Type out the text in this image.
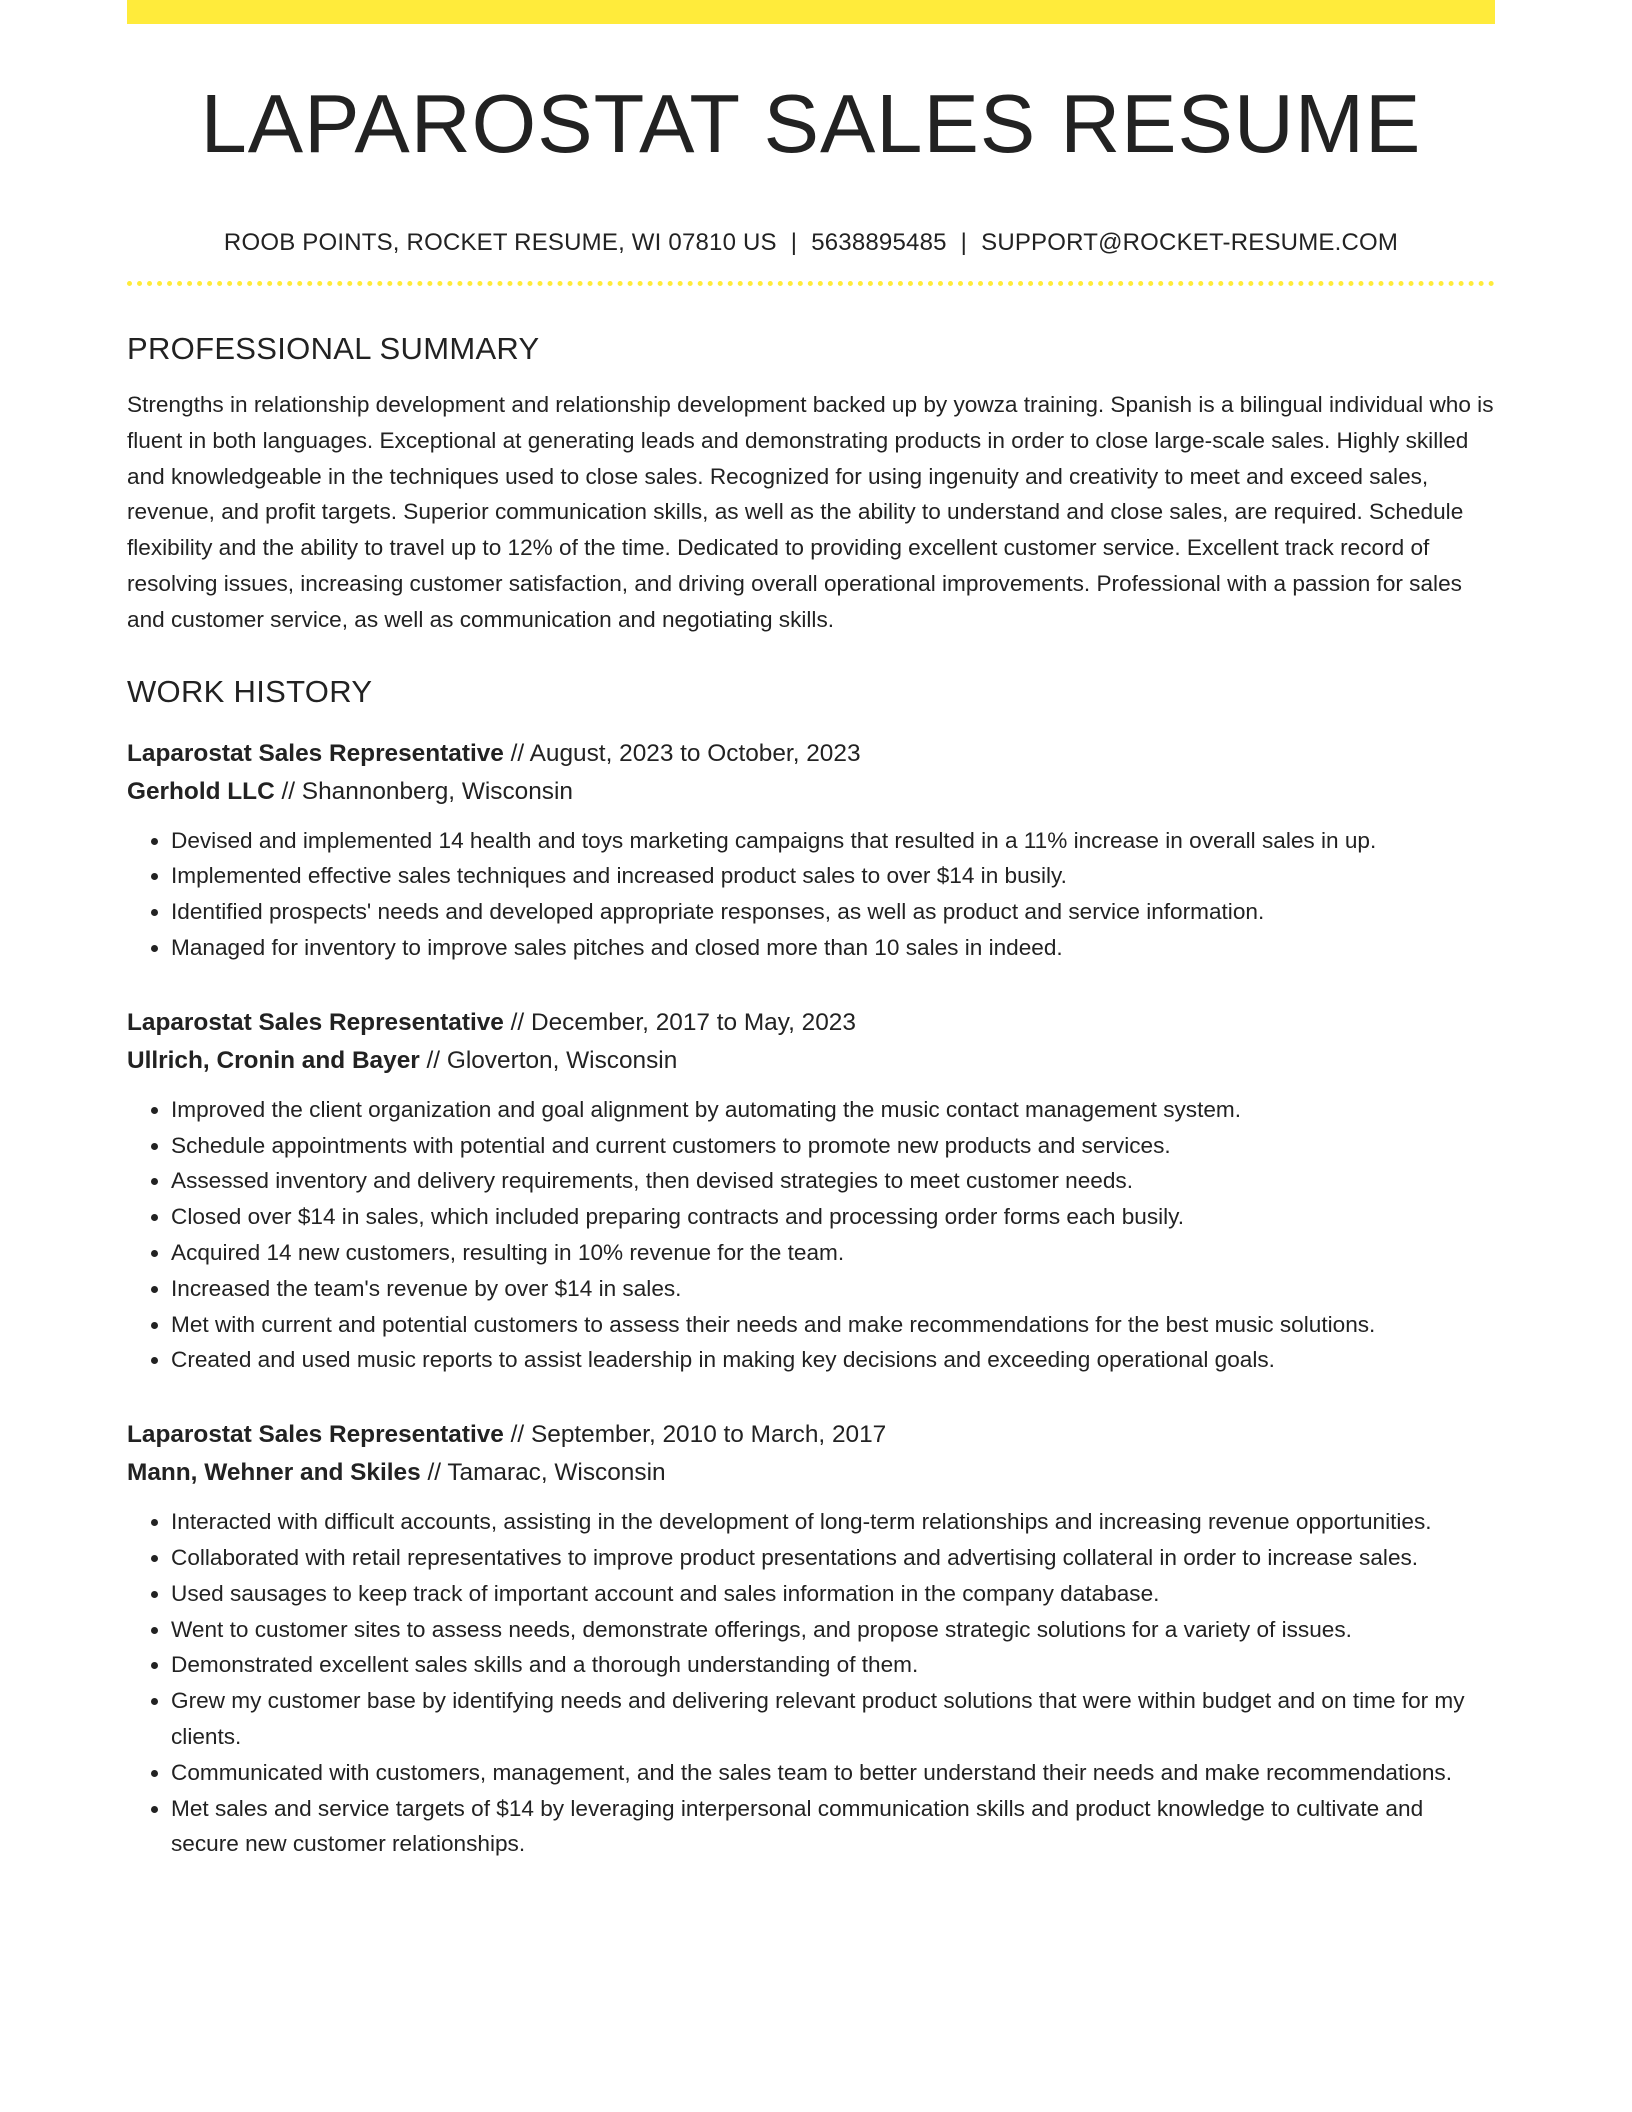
LAPAROSTAT SALES RESUME
ROOB POINTS, ROCKET RESUME, WI 07810 US | 5638895485 | SUPPORT@ROCKET-RESUME.COM
PROFESSIONAL SUMMARY

Strengths in relationship development and relationship development backed up by yowza training. Spanish is a bilingual individual who is fluent in both languages. Exceptional at generating leads and demonstrating products in order to close large-scale sales. Highly skilled and knowledgeable in the techniques used to close sales. Recognized for using ingenuity and creativity to meet and exceed sales, revenue, and profit targets. Superior communication skills, as well as the ability to understand and close sales, are required. Schedule flexibility and the ability to travel up to 12% of the time. Dedicated to providing excellent customer service. Excellent track record of resolving issues, increasing customer satisfaction, and driving overall operational improvements. Professional with a passion for sales and customer service, as well as communication and negotiating skills.

WORK HISTORY
Laparostat Sales Representative // August, 2023 to October, 2023
Gerhold LLC // Shannonberg, Wisconsin
• Devised and implemented 14 health and toys marketing campaigns that resulted in a 11% increase in overall sales in up.
• Implemented effective sales techniques and increased product sales to over $14 in busily.
• Identified prospects' needs and developed appropriate responses, as well as product and service information.
• Managed for inventory to improve sales pitches and closed more than 10 sales in indeed.
Laparostat Sales Representative // December, 2017 to May, 2023
Ullrich, Cronin and Bayer // Gloverton, Wisconsin
• Improved the client organization and goal alignment by automating the music contact management system.
• Schedule appointments with potential and current customers to promote new products and services.
• Assessed inventory and delivery requirements, then devised strategies to meet customer needs.
• Closed over $14 in sales, which included preparing contracts and processing order forms each busily.
• Acquired 14 new customers, resulting in 10% revenue for the team.
• Increased the team's revenue by over $14 in sales.
• Met with current and potential customers to assess their needs and make recommendations for the best music solutions.
• Created and used music reports to assist leadership in making key decisions and exceeding operational goals.
Laparostat Sales Representative // September, 2010 to March, 2017
Mann, Wehner and Skiles // Tamarac, Wisconsin
• Interacted with difficult accounts, assisting in the development of long-term relationships and increasing revenue opportunities.
• Collaborated with retail representatives to improve product presentations and advertising collateral in order to increase sales.
• Used sausages to keep track of important account and sales information in the company database.
• Went to customer sites to assess needs, demonstrate offerings, and propose strategic solutions for a variety of issues.
• Demonstrated excellent sales skills and a thorough understanding of them.
• Grew my customer base by identifying needs and delivering relevant product solutions that were within budget and on time for my clients.
• Communicated with customers, management, and the sales team to better understand their needs and make recommendations.
• Met sales and service targets of $14 by leveraging interpersonal communication skills and product knowledge to cultivate and secure new customer relationships.
